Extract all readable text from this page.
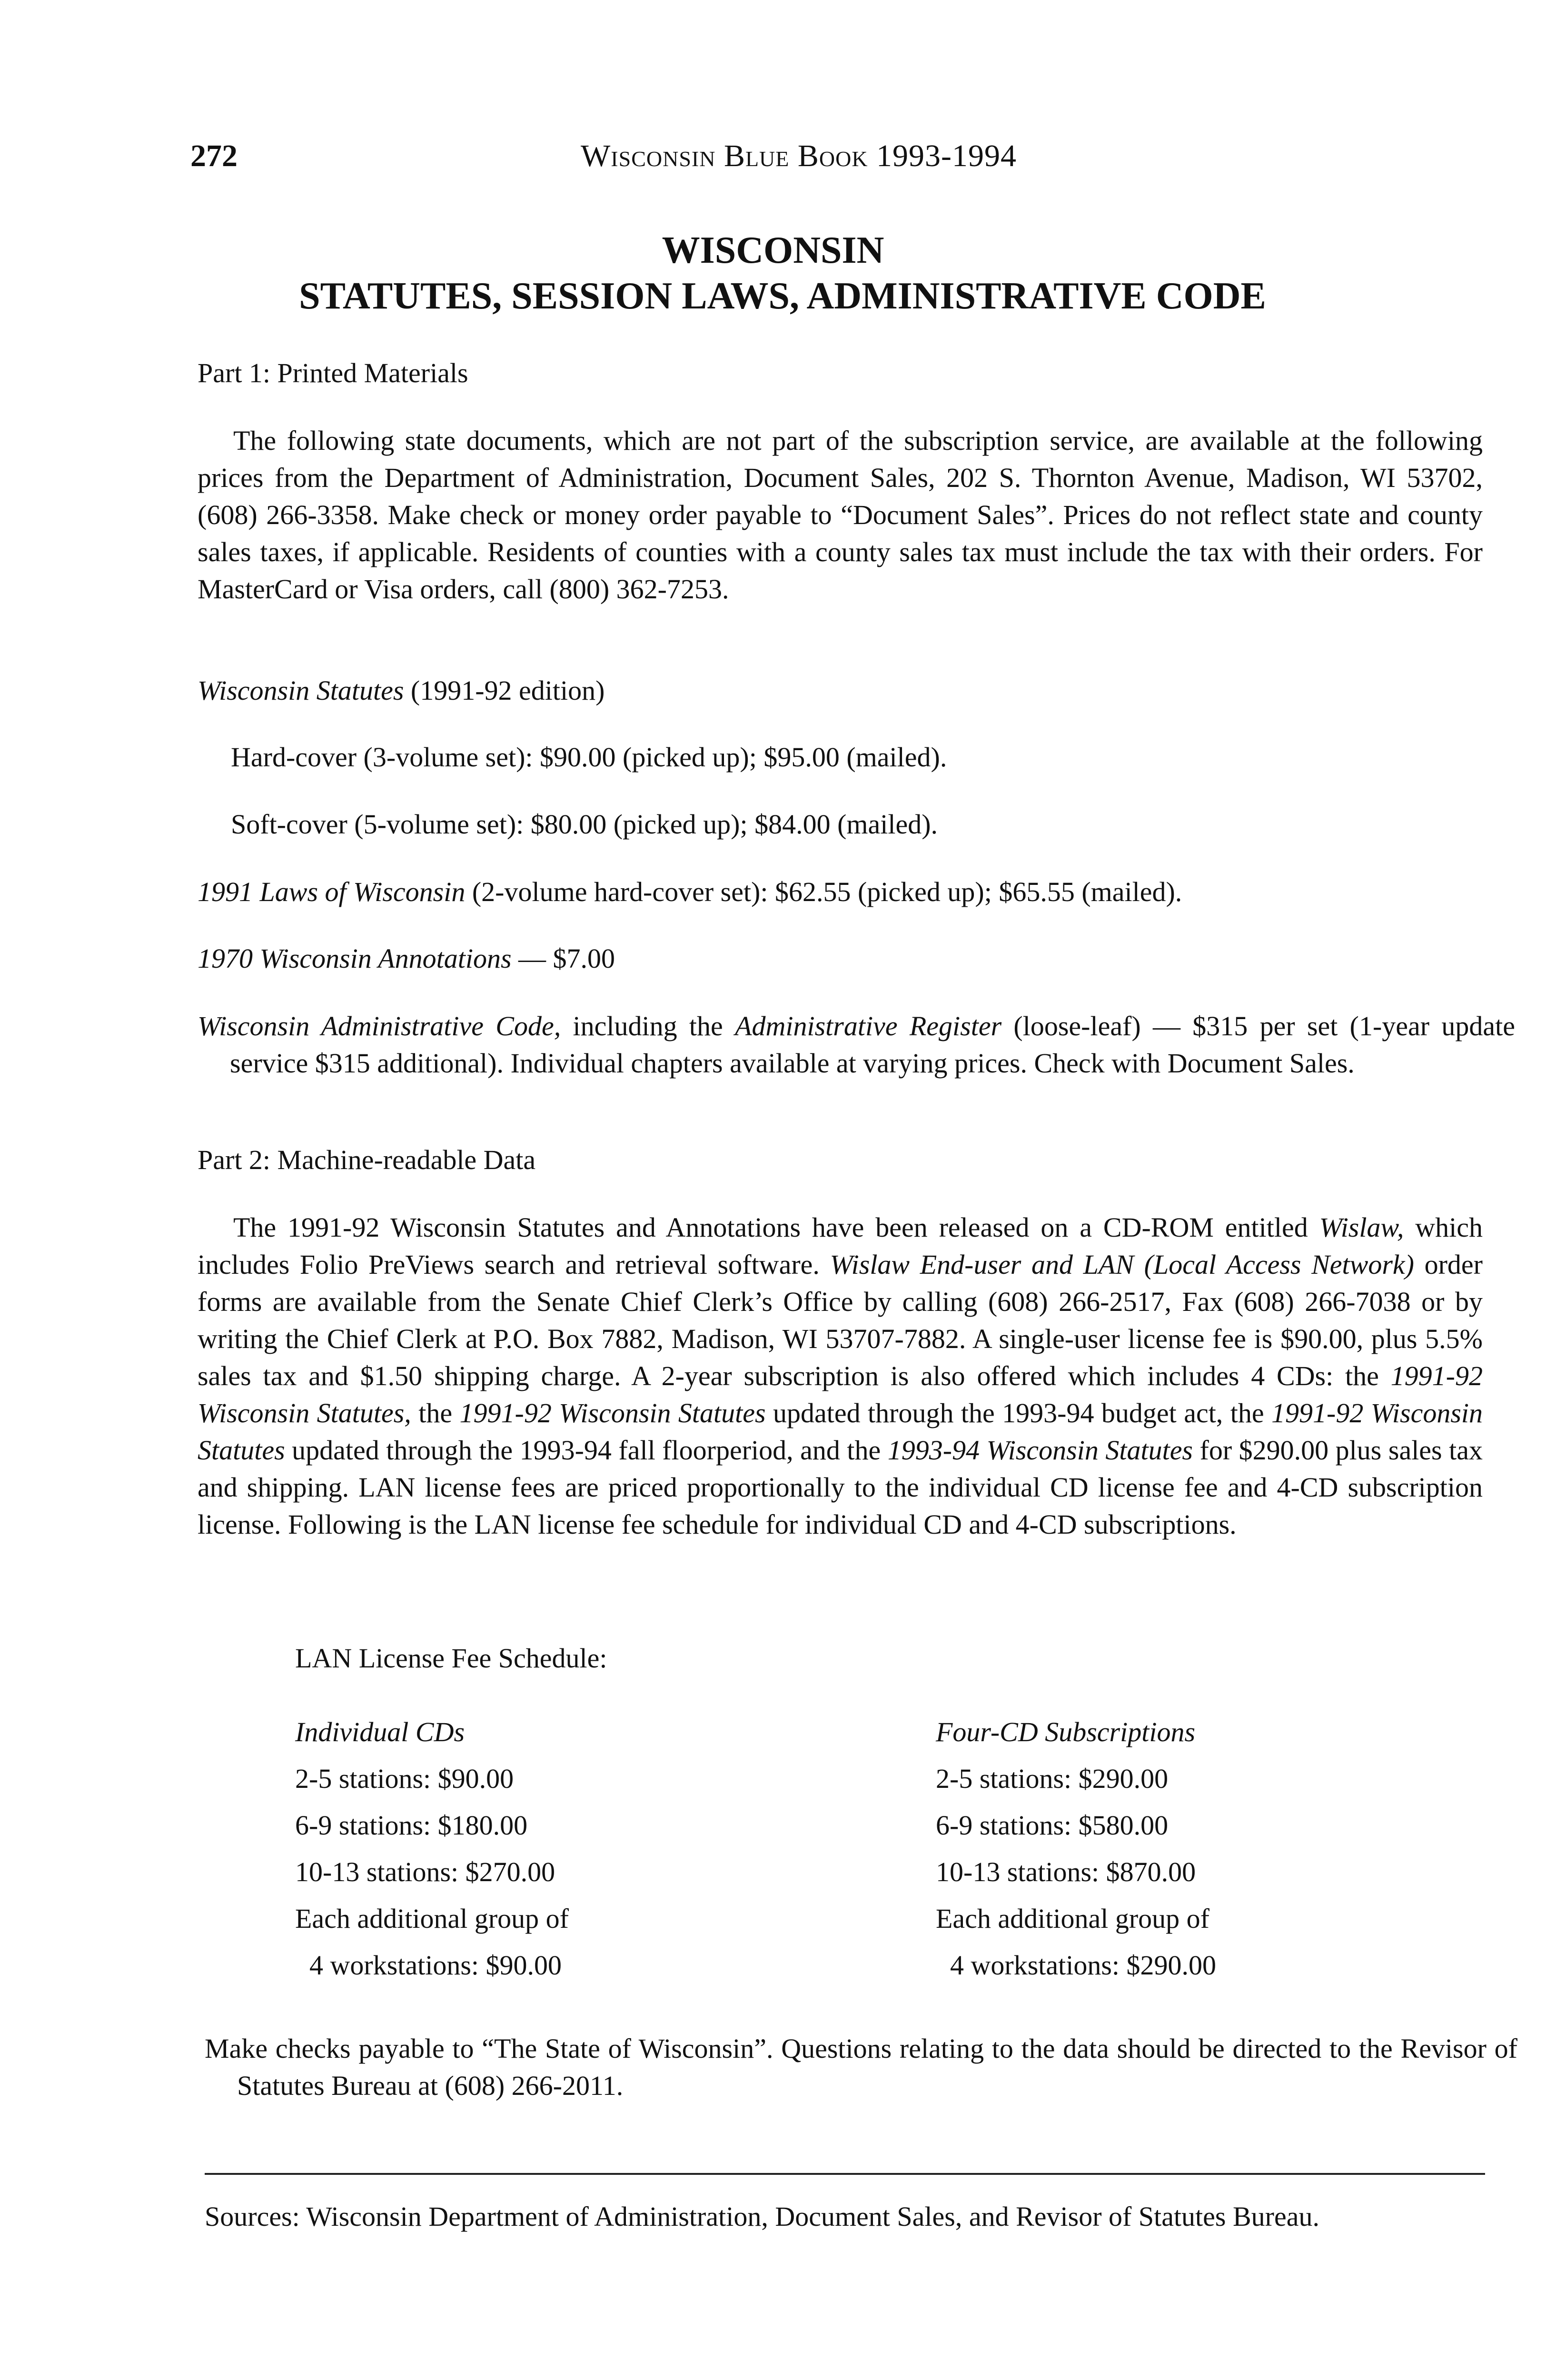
272	Wisconsin Blue Book 1993-1994
WISCONSIN

STATUTES, SESSION LAWS, ADMINISTRATIVE CODE
Part 1: Printed Materials
The following state documents, which are not part of the subscription service, are available at the following prices from the Department of Administration, Document Sales, 202 S. Thornton Avenue, Madison, WI 53702, (608) 266-3358. Make check or money order payable to “Document Sales”. Prices do not reflect state and county sales taxes, if applicable. Residents of counties with a county sales tax must include the tax with their orders. For MasterCard or Visa orders, call (800) 362-7253.
Wisconsin Statutes (1991-92 edition)
Hard-cover (3-volume set): $90.00 (picked up); $95.00 (mailed).
Soft-cover (5-volume set): $80.00 (picked up); $84.00 (mailed).
1991 Laws of Wisconsin (2-volume hard-cover set): $62.55 (picked up); $65.55 (mailed).
1970 Wisconsin Annotations — $7.00
Wisconsin Administrative Code, including the Administrative Register (loose-leaf) — $315 per set (1-year update service $315 additional). Individual chapters available at varying prices. Check with Document Sales.
Part 2: Machine-readable Data
The 1991-92 Wisconsin Statutes and Annotations have been released on a CD-ROM entitled Wislaw, which includes Folio PreViews search and retrieval software. Wislaw End-user and LAN (Local Access Network) order forms are available from the Senate Chief Clerk’s Office by calling (608) 266-2517, Fax (608) 266-7038 or by writing the Chief Clerk at P.O. Box 7882, Madison, WI 53707-7882. A single-user license fee is $90.00, plus 5.5% sales tax and $1.50 shipping charge. A 2-year subscription is also offered which includes 4 CDs: the 1991-92 Wisconsin Statutes, the 1991-92 Wisconsin Statutes updated through the 1993-94 budget act, the 1991-92 Wisconsin Statutes updated through the 1993-94 fall floorperiod, and the 1993-94 Wisconsin Statutes for $290.00 plus sales tax and shipping. LAN license fees are priced proportionally to the individual CD license fee and 4-CD subscription license. Following is the LAN license fee schedule for individual CD and 4-CD subscriptions.
LAN License Fee Schedule:
Individual CDs
2-5 stations: $90.00
6-9 stations: $180.00
10-13 stations: $270.00
Each additional group of
4 workstations: $90.00
Four-CD Subscriptions
2-5 stations: $290.00
6-9 stations: $580.00
10-13 stations: $870.00
Each additional group of
4 workstations: $290.00
Make checks payable to “The State of Wisconsin”. Questions relating to the data should be directed to the Revisor of Statutes Bureau at (608) 266-2011.
Sources: Wisconsin Department of Administration, Document Sales, and Revisor of Statutes Bureau.
